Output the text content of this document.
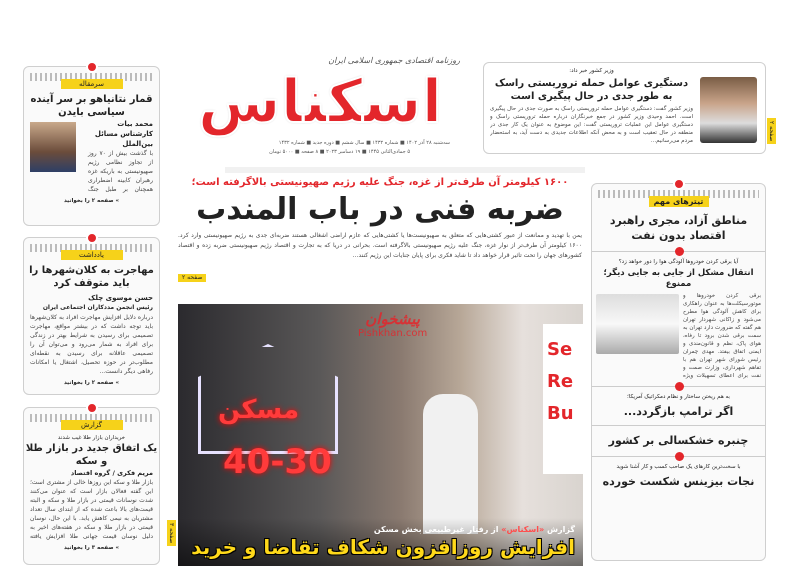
روزنامه اقتصادی جمهوری اسلامی ایران
اسکناس
سه‌شنبه ۲۸ آذر ۱۴۰۲ ■ شماره ۱۴۳۲ ■ سال ششم ■ دوره جدید ■ شماره ۱۴۳۲
۵ جمادی‌الثانی ۱۴۴۵ ■ ۱۹ دسامبر ۲۰۲۳ ■ ۸ صفحه ■ ۵۰۰۰ تومان
وزیر کشور خبر داد:
دستگیری عوامل حمله تروریستی راسک به طور جدی در حال پیگیری است
وزیر کشور گفت: دستگیری عوامل حمله تروریستی راسک به صورت جدی در حال پیگیری است. احمد وحیدی وزیر کشور در جمع خبرنگاران درباره حمله تروریستی راسک و دستگیری عوامل این عملیات تروریستی گفت: این موضوع به عنوان یک کار جدی در منطقه در حال تعقیب است و به محض آنکه اطلاعات جدیدی به دست آید، به استحضار مردم می‌رسانیم...
صفحه ۲
۱۶۰۰ کیلومتر آن طرف‌تر از غزه، جنگ علیه رژیم صهیونیستی بالاگرفته است؛
ضربه فنی در باب المندب
یمن با تهدید و ممانعت از عبور کشتی‌هایی که متعلق به صهیونیست‌ها یا کشتی‌هایی که عازم اراضی اشغالی هستند ضربه‌ای جدی به رژیم صهیونیستی وارد کرد. ۱۶۰۰ کیلومتر آن طرف‌تر از نوار غزه، جنگ علیه رژیم صهیونیستی بالاگرفته است. بحرانی در دریا که به تجارت و اقتصاد رژیم صهیونیستی ضربه زده و اقتصاد کشورهای جهان را تحت تاثیر قرار خواهد داد تا شاید فکری برای پایان جنایات این رژیم کنند...
صفحه ۲
مسکن
40-30
Se
Re
Bu
پیشخوان
Pishkhan.com
گزارش «اسکناس» از رفتار غیرطبیعی بخش مسکن
افزایش روزافزون شکاف تقاضا و خرید
صفحه ۳
سرمقاله
قمار نتانیاهو بر سر آینده سیاسی بایدن
محمد بیات
کارشناس مسائل بین‌الملل
با گذشت بیش از ۷۰ روز از تجاوز نظامی رژیم صهیونیستی به باریکه غزه رهبران کابینه اضطراری همچنان بر طبل جنگ
» صفحه ۲ را بخوانید
یادداشت
مهاجرت به کلان‌شهرها را باید متوقف کرد
حسن موسوی چلک
رئیس انجمن مددکاران اجتماعی ایران
درباره دلایل افزایش مهاجرت افراد به کلان‌شهرها باید توجه داشت که در بیشتر مواقع، مهاجرت تصمیمی برای رسیدن به شرایط بهتر در زندگی برای افراد به شمار می‌رود و می‌توان آن را تصمیمی عاقلانه برای رسیدن به نقطه‌ای مطلوب‌تر در حوزه تحصیل، اشتغال یا امکانات رفاهی دیگر دانست...
» صفحه ۲ را بخوانید
گزارش
خریداران بازار طلا غیب شدند
یک اتفاق جدید در بازار طلا و سکه
مریم فکری / گروه اقتصاد
بازار طلا و سکه این روزها خالی از مشتری است؛ این گفته فعالان بازار است که عنوان می‌کنند شدت نوسانات قیمتی در بازار طلا و سکه و البته قیمت‌های بالا باعث شده که از ابتدای سال تعداد مشتریان به نیمی کاهش یابد. با این حال، نوسان قیمتی در بازار طلا و سکه در هفته‌های اخیر به دلیل نوسان قیمت جهانی طلا افزایش یافته
» صفحه ۳ را بخوانید
تیترهای مهم
مناطق آزاد، مجری راهبرد اقتصاد بدون نفت
آیا برقی کردن خودروها آلودگی هوا را دور خواهد زد؟
انتقال مشکل از جایی به جایی دیگر؛ ممنوع
برقی کردن خودروها و موتورسیکلت‌ها به عنوان راهکاری برای کاهش آلودگی هوا مطرح می‌شود و زاکانی شهردار تهران هم گفته که ضرورت دارد تهران به سمت برقی شدن برود تا رفاه، هوای پاک، نظم و قانون‌مندی و ایمنی اتفاق بیفتد. مهدی چمران رئیس شورای شهر تهران هم با تفاهم شهرداری، وزارت صمت و نفت برای اعطای تسهیلات ویژه
به هم ریختن ساختار و نظام دمکراتیک آمریکا؛
اگر ترامپ بازگردد...
چنبره خشکسالی بر کشور
با سخت‌ترین کارهای یک صاحب کسب و کار آشنا شوید
نجات بیزینس شکست خورده
